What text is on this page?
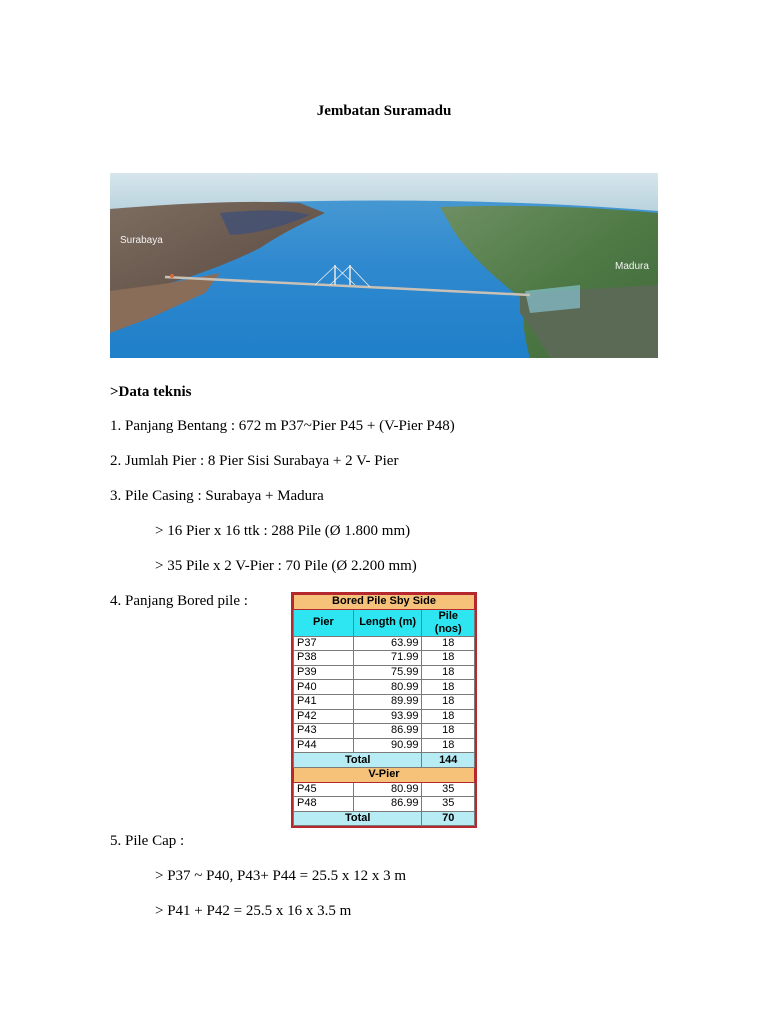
Jembatan Suramadu
Surabaya
Madura
>Data teknis
1. Panjang Bentang : 672 m P37~Pier P45 + (V-Pier P48)
2. Jumlah Pier : 8 Pier Sisi Surabaya + 2 V- Pier
3. Pile Casing : Surabaya + Madura
> 16 Pier x 16 ttk : 288 Pile (Ø 1.800 mm)
> 35 Pile x 2 V-Pier : 70 Pile (Ø 2.200 mm)
4. Panjang Bored pile :	Bored Pile Sby Side		
Pier	Length (m)	Pile (nos)
P37	63.99	18
P38	71.99	18
P39	75.99	18
P40	80.99	18
P41	89.99	18
P42	93.99	18
P43	86.99	18
P44	90.99	18
Total		144
V-Pier		
P45	80.99	35
P48	86.99	35
Total		70
5. Pile Cap :
> P37 ~ P40, P43+ P44 = 25.5 x 12 x 3 m
> P41 + P42 = 25.5 x 16 x 3.5 m
